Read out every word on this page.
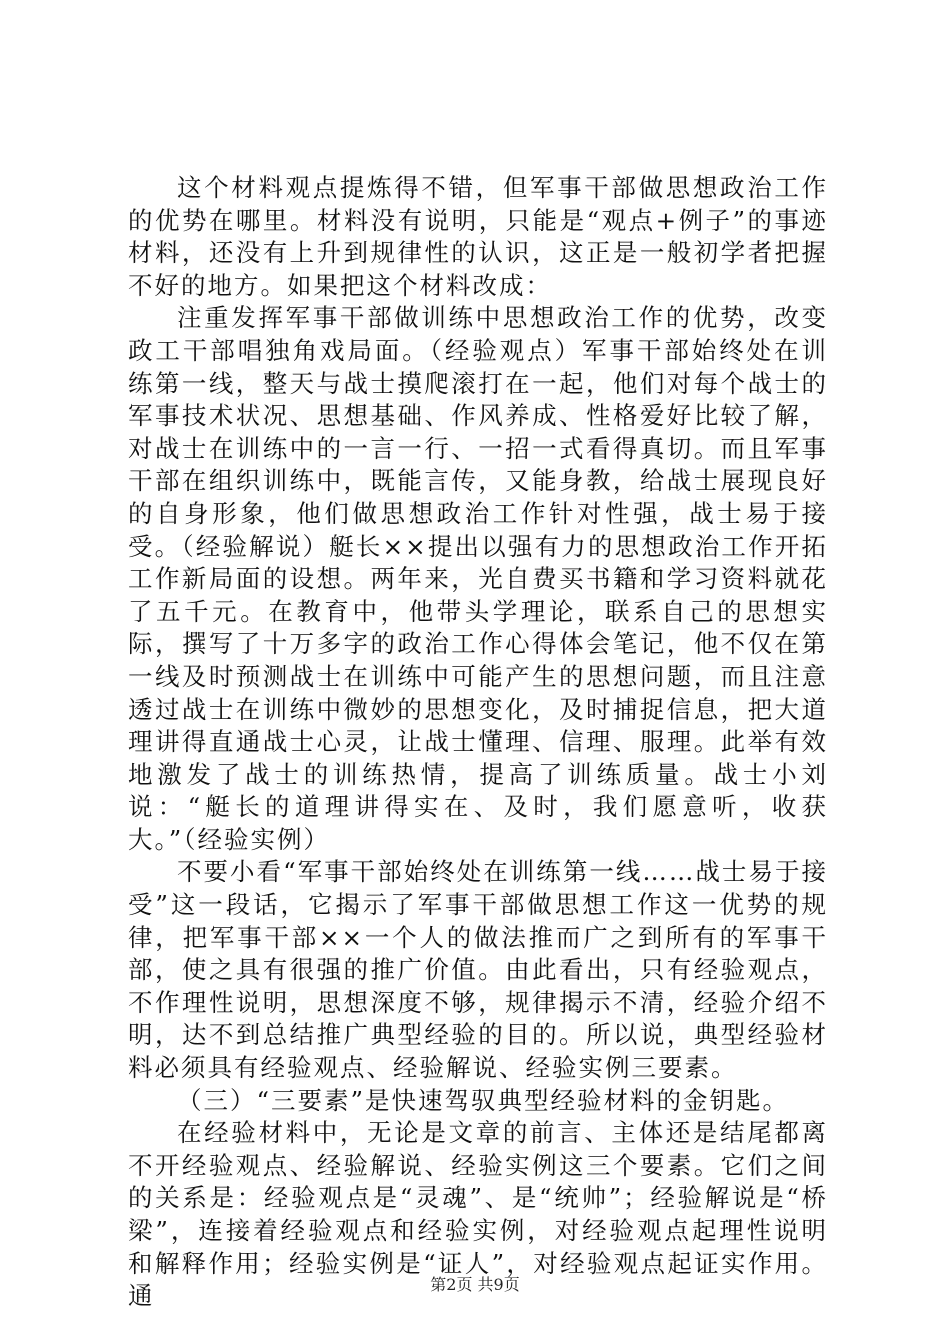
这个材料观点提炼得不错，但军事干部做思想政治工作的优势在哪里。材料没有说明，只能是“观点+例子”的事迹材料，还没有上升到规律性的认识，这正是一般初学者把握不好的地方。如果把这个材料改成：

注重发挥军事干部做训练中思想政治工作的优势，改变政工干部唱独角戏局面。（经验观点）军事干部始终处在训练第一线，整天与战士摸爬滚打在一起，他们对每个战士的军事技术状况、思想基础、作风养成、性格爱好比较了解，对战士在训练中的一言一行、一招一式看得真切。而且军事干部在组织训练中，既能言传，又能身教，给战士展现良好的自身形象，他们做思想政治工作针对性强，战士易于接受。（经验解说）艇长××提出以强有力的思想政治工作开拓工作新局面的设想。两年来，光自费买书籍和学习资料就花了五千元。在教育中，他带头学理论，联系自己的思想实际，撰写了十万多字的政治工作心得体会笔记，他不仅在第一线及时预测战士在训练中可能产生的思想问题，而且注意透过战士在训练中微妙的思想变化，及时捕捉信息，把大道理讲得直通战士心灵，让战士懂理、信理、服理。此举有效地激发了战士的训练热情，提高了训练质量。战士小刘说：“艇长的道理讲得实在、及时，我们愿意听，收获大。”（经验实例）

不要小看“军事干部始终处在训练第一线……战士易于接受”这一段话，它揭示了军事干部做思想工作这一优势的规律，把军事干部××一个人的做法推而广之到所有的军事干部，使之具有很强的推广价值。由此看出，只有经验观点，不作理性说明，思想深度不够，规律揭示不清，经验介绍不明，达不到总结推广典型经验的目的。所以说，典型经验材料必须具有经验观点、经验解说、经验实例三要素。

（三）“三要素”是快速驾驭典型经验材料的金钥匙。

在经验材料中，无论是文章的前言、主体还是结尾都离不开经验观点、经验解说、经验实例这三个要素。它们之间的关系是：经验观点是“灵魂”、是“统帅”；经验解说是“桥梁”，连接着经验观点和经验实例，对经验观点起理性说明和解释作用；经验实例是“证人”，对经验观点起证实作用。通	第2页 共9页
